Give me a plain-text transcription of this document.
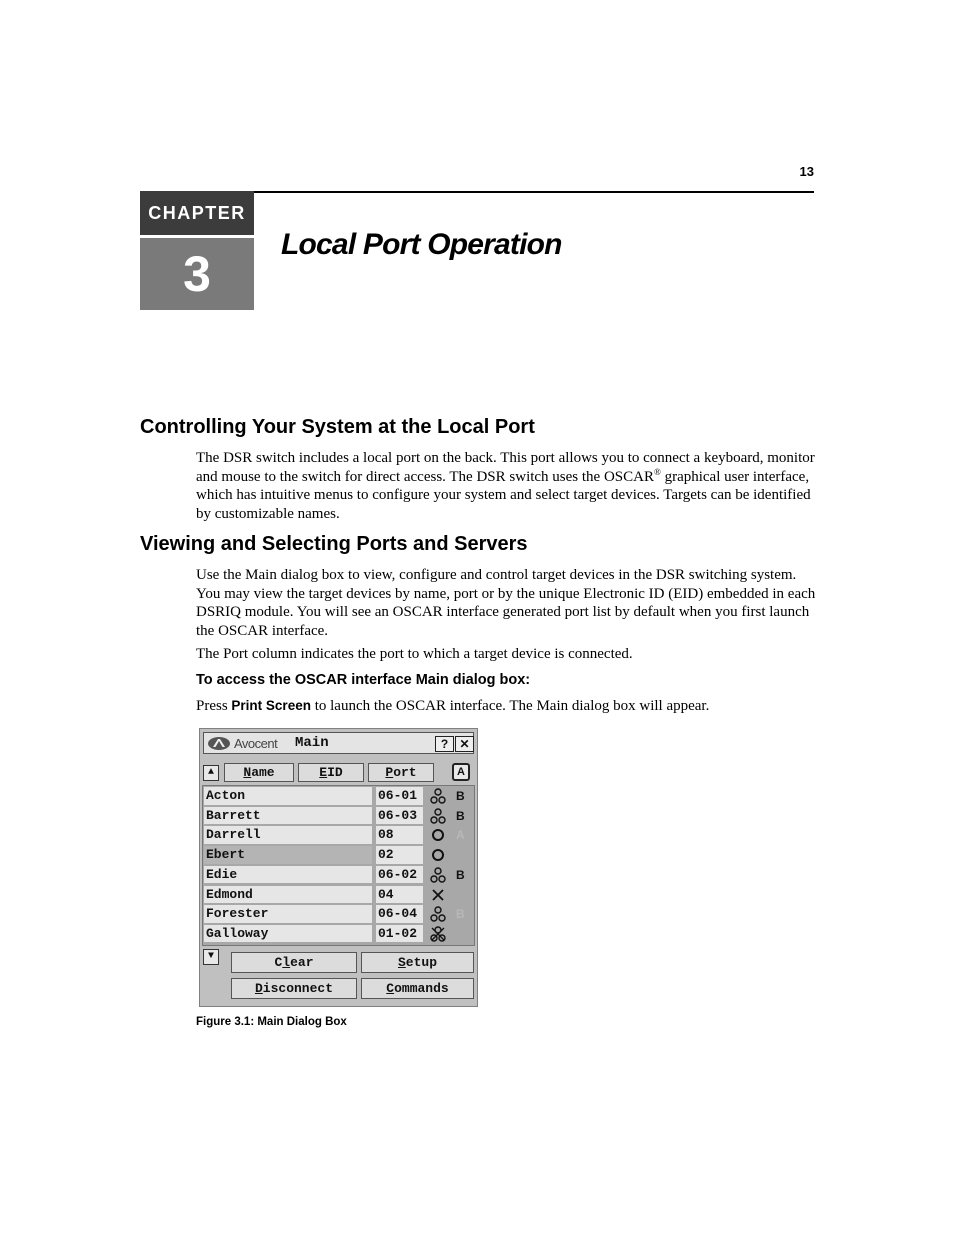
13
CHAPTER
3
Local Port Operation
Controlling Your System at the Local Port

The DSR switch includes a local port on the back. This port allows you to connect a keyboard, monitor and mouse to the switch for direct access. The DSR switch uses the OSCAR® graphical user interface, which has intuitive menus to configure your system and select target devices. Targets can be identified by customizable names.

Viewing and Selecting Ports and Servers

Use the Main dialog box to view, configure and control target devices in the DSR switching system. You may view the target devices by name, port or by the unique Electronic ID (EID) embedded in each DSRIQ module. You will see an OSCAR interface generated port list by default when you first launch the OSCAR interface.

The Port column indicates the port to which a target device is connected.

To access the OSCAR interface Main dialog box:

Press Print Screen to launch the OSCAR interface. The Main dialog box will appear.

Avocent Main	? ✕
▲	Name	EID	Port	A
Acton	06-01	B
Barrett	06-03	B
Darrell	08	A
Ebert	02
Edie	06-02	B
Edmond	04
Forester	06-04	B
Galloway	01-02
▼	Clear	Setup
Disconnect	Commands
Figure 3.1: Main Dialog Box
